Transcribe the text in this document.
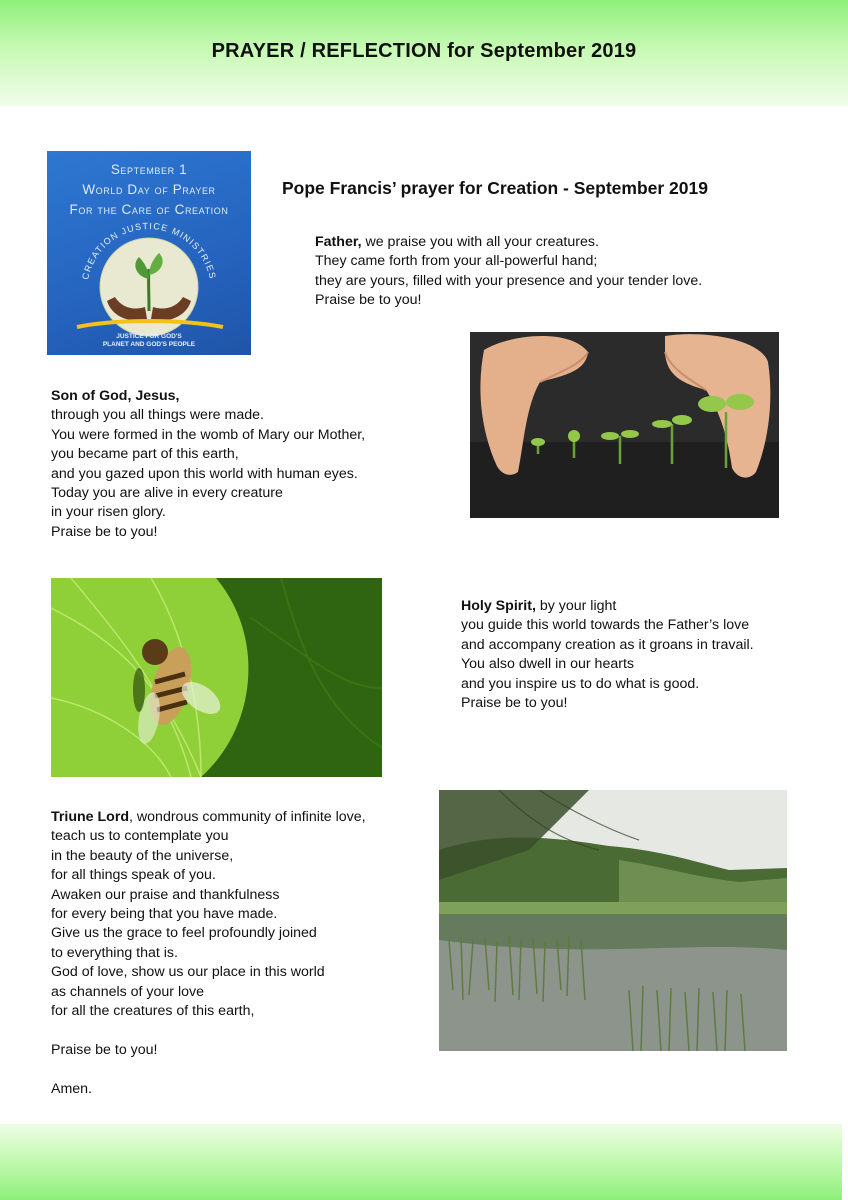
PRAYER / REFLECTION for September 2019
September 1
World Day of Prayer
For the Care of Creation
CREATION JUSTICE MINISTRIES
JUSTICE FOR GOD'S
PLANET AND GOD'S PEOPLE
Pope Francis’ prayer for Creation - September 2019

Father, we praise you with all your creatures.

They came forth from your all-powerful hand;

they are yours, filled with your presence and your tender love.

Praise be to you!

Son of God, Jesus,

through you all things were made.

You were formed in the womb of Mary our Mother,

you became part of this earth,

and you gazed upon this world with human eyes.

Today you are alive in every creature

in your risen glory.

Praise be to you!

Holy Spirit, by your light

you guide this world towards the Father’s love

and accompany creation as it groans in travail.

You also dwell in our hearts

and you inspire us to do what is good.

Praise be to you!

Triune Lord, wondrous community of infinite love,

teach us to contemplate you

in the beauty of the universe,

for all things speak of you.

Awaken our praise and thankfulness

for every being that you have made.

Give us the grace to feel profoundly joined

to everything that is.

God of love, show us our place in this world

as channels of your love

for all the creatures of this earth,

Praise be to you!

Amen.
